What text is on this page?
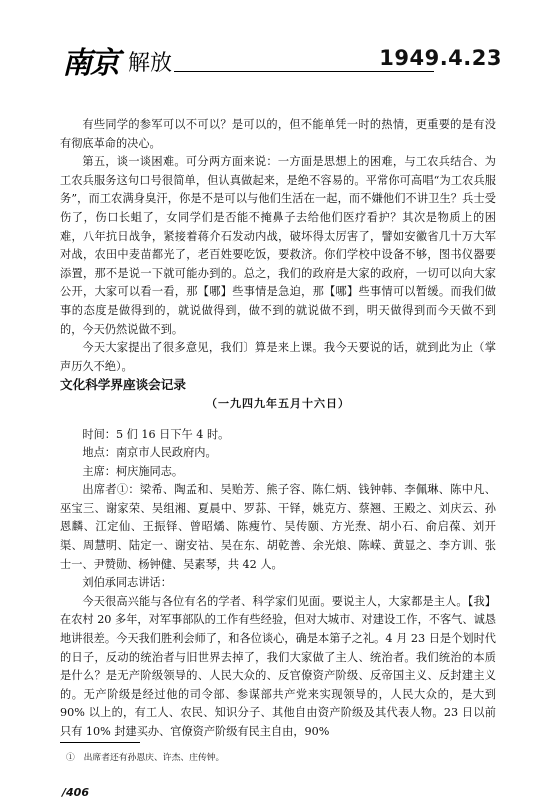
南京 解放	1949.4.23

有些同学的参军可以不可以？是可以的，但不能单凭一时的热情，更重要的是有没有彻底革命的决心。

第五，谈一谈困难。可分两方面来说：一方面是思想上的困难，与工农兵结合、为工农兵服务这句口号很简单，但认真做起来，是绝不容易的。平常你可高唱“为工农兵服务”，而工农满身臭汗，你是不是可以与他们生活在一起，而不嫌他们不讲卫生？兵士受伤了，伤口长蛆了，女同学们是否能不掩鼻子去给他们医疗看护？其次是物质上的困难，八年抗日战争，紧接着蒋介石发动内战，破坏得太厉害了，譬如安徽省几十万大军对战，农田中麦苗都光了，老百姓要吃饭，要救济。你们学校中设备不够，图书仪器要添置，那不是说一下就可能办到的。总之，我们的政府是大家的政府，一切可以向大家公开，大家可以看一看，那【哪】些事情是急迫，那【哪】些事情可以暂缓。而我们做事的态度是做得到的，就说做得到，做不到的就说做不到，明天做得到而今天做不到的，今天仍然说做不到。

今天大家提出了很多意见，我们〕算是来上课。我今天要说的话，就到此为止（掌声历久不绝）。

文化科学界座谈会记录

（一九四九年五月十六日）

时间：5 们 16 日下午 4 时。

地点：南京市人民政府内。

主席：柯庆施同志。

出席者①：梁希、陶孟和、吴贻芳、熊子容、陈仁炳、钱钟韩、李佩琳、陈中凡、巫宝三、谢家荣、吴组湘、夏晨中、罗荪、干铎，姚克方、蔡翘、王殿之、刘庆云、孙恩麟、江定仙、王振铎、曾昭燏、陈瘦竹、吴传颐、方光焘、胡小石、俞启葆、刘开渠、周慧明、陆定一、谢安祜、吴在东、胡乾善、余光烺、陈嵘、黄显之、李方训、张士一、尹赞勋、杨钟健、吴素琴，共 42 人。

刘伯承同志讲话：

今天很高兴能与各位有名的学者、科学家们见面。要说主人，大家都是主人。【我】在农村 20 多年，对军事部队的工作有些经验，但对大城市、对建设工作，不客气、诚恳地讲很差。今天我们胜利会师了，和各位谈心，确是本第子之礼。4 月 23 日是个划时代的日子，反动的统治者与旧世界去掉了，我们大家做了主人、统治者。我们统治的本质是什么？是无产阶级领导的、人民大众的、反官僚资产阶级、反帝国主义、反封建主义的。无产阶级是经过他的司令部、参谋部共产党来实现领导的，人民大众的，是大到 90% 以上的，有工人、农民、知识分子、其他自由资产阶级及其代表人物。23 日以前只有 10% 封建买办、官僚资产阶级有民主自由，90%

①　出席者还有孙恩庆、许杰、庄传钟。
/406
